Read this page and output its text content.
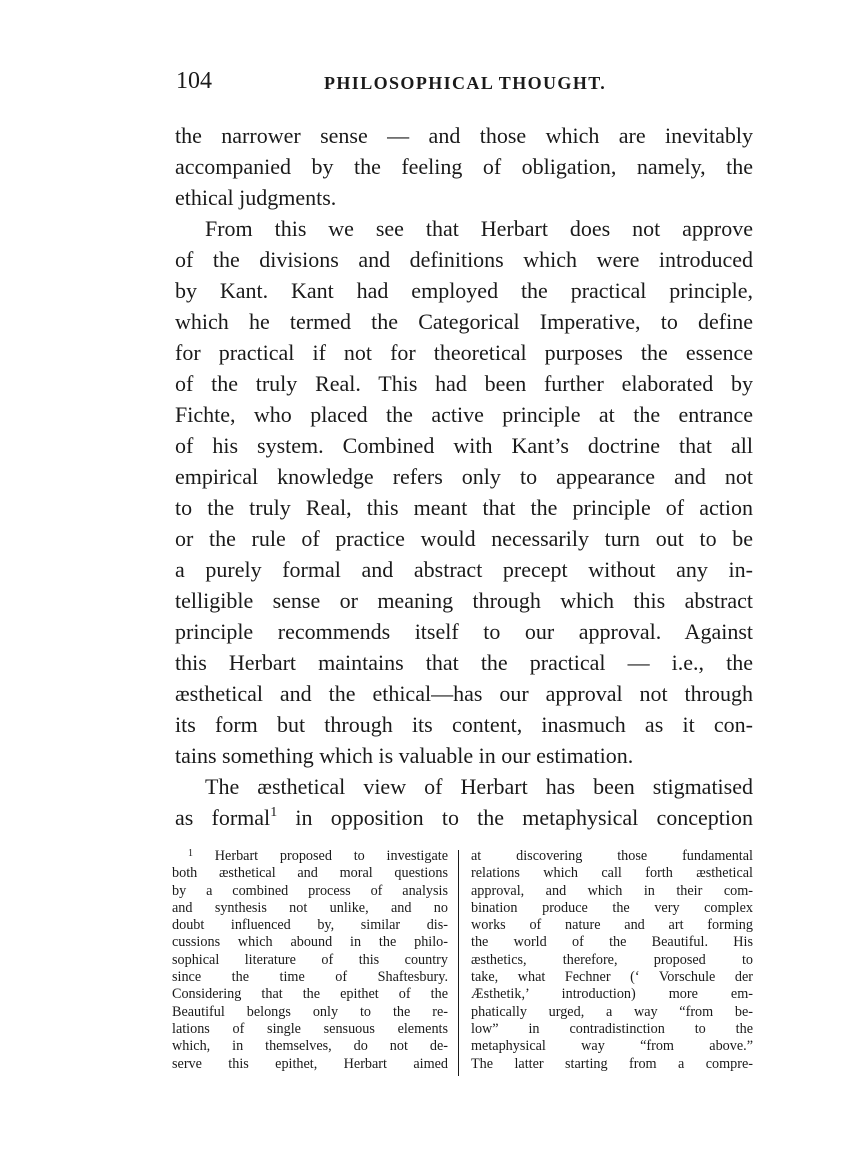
104	PHILOSOPHICAL THOUGHT.
the narrower sense — and those which are inevitably
accompanied by the feeling of obligation, namely, the
ethical judgments.
From this we see that Herbart does not approve
of the divisions and definitions which were introduced
by Kant. Kant had employed the practical principle,
which he termed the Categorical Imperative, to define
for practical if not for theoretical purposes the essence
of the truly Real. This had been further elaborated by
Fichte, who placed the active principle at the entrance
of his system. Combined with Kant’s doctrine that all
empirical knowledge refers only to appearance and not
to the truly Real, this meant that the principle of action
or the rule of practice would necessarily turn out to be
a purely formal and abstract precept without any in-
telligible sense or meaning through which this abstract
principle recommends itself to our approval. Against
this Herbart maintains that the practical — i.e., the
æsthetical and the ethical—has our approval not through
its form but through its content, inasmuch as it con-
tains something which is valuable in our estimation.
The æsthetical view of Herbart has been stigmatised
as formal$^1$ in opposition to the metaphysical conception
$^1$ Herbart proposed to investigate
both æsthetical and moral questions
by a combined process of analysis
and synthesis not unlike, and no
doubt influenced by, similar dis-
cussions which abound in the philo-
sophical literature of this country
since the time of Shaftesbury.
Considering that the epithet of the
Beautiful belongs only to the re-
lations of single sensuous elements
which, in themselves, do not de-
serve this epithet, Herbart aimed
at discovering those fundamental
relations which call forth æsthetical
approval, and which in their com-
bination produce the very complex
works of nature and art forming
the world of the Beautiful. His
æsthetics, therefore, proposed to
take, what Fechner (‘ Vorschule der
Æsthetik,’ introduction) more em-
phatically urged, a way “from be-
low” in contradistinction to the
metaphysical way “from above.”
The latter starting from a compre-
